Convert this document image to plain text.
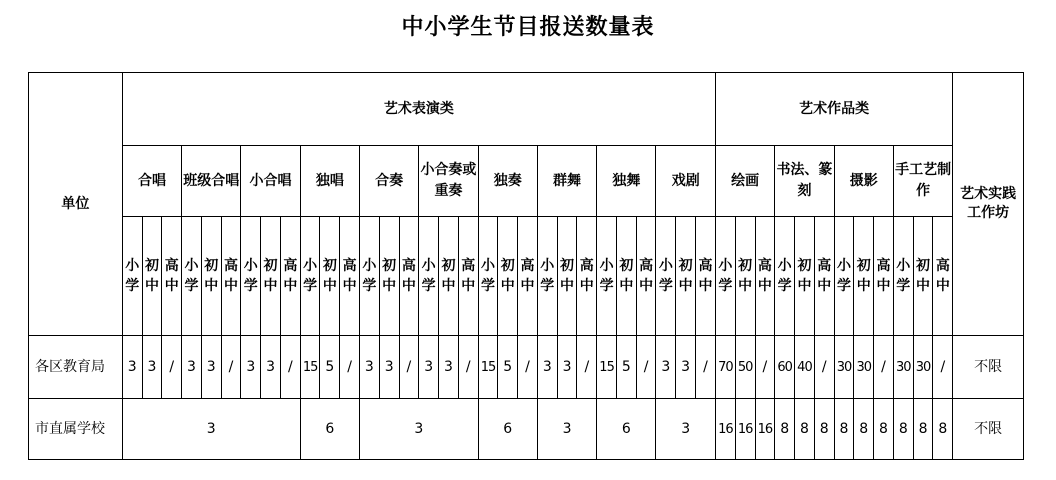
中小学生节目报送数量表
单位	艺术表演类																														艺术作品类												艺术实践工作坊
	合唱			班级合唱			小合唱			独唱			合奏			小合奏或重奏			独奏			群舞			独舞			戏剧			绘画			书法、篆刻			摄影			手工艺制作			
	小学	初中	高中	小学	初中	高中	小学	初中	高中	小学	初中	高中	小学	初中	高中	小学	初中	高中	小学	初中	高中	小学	初中	高中	小学	初中	高中	小学	初中	高中	小学	初中	高中	小学	初中	高中	小学	初中	高中	小学	初中	高中	
各区教育局	3	3	/	3	3	/	3	3	/	15	5	/	3	3	/	3	3	/	15	5	/	3	3	/	15	5	/	3	3	/	70	50	/	60	40	/	30	30	/	30	30	/	不限
市直属学校	3									6			3						6			3			6			3			16	16	16	8	8	8	8	8	8	8	8	8	不限
